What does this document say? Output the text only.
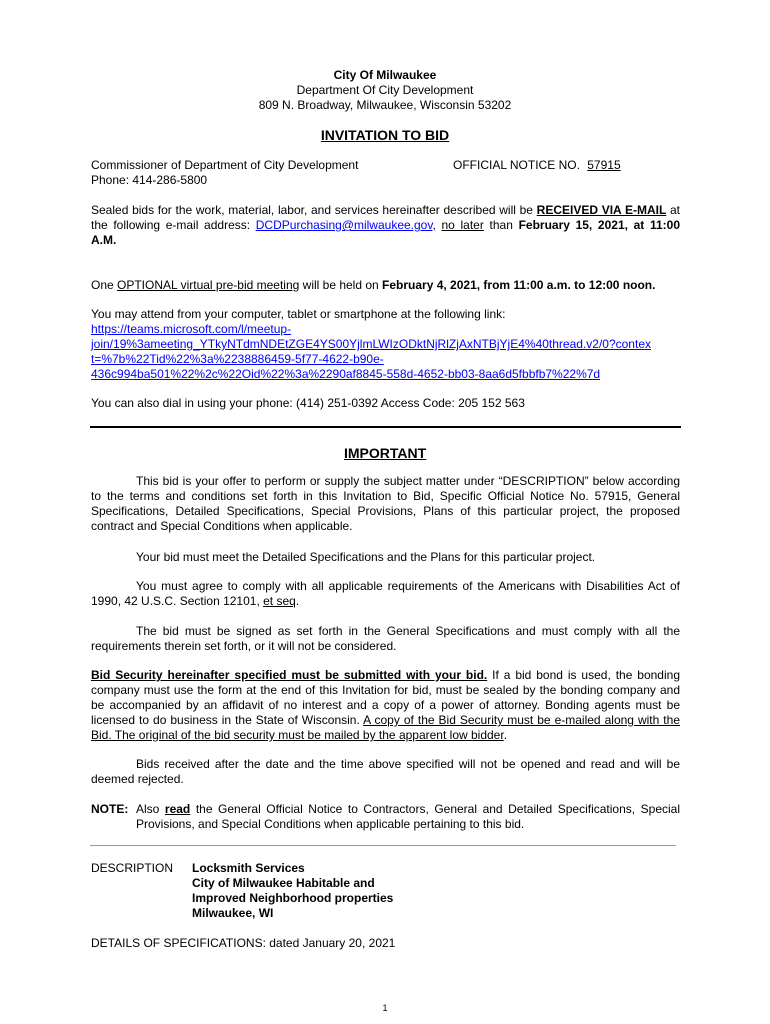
City Of Milwaukee
Department Of City Development
809 N. Broadway, Milwaukee, Wisconsin 53202
INVITATION TO BID
Commissioner of Department of City Development
Phone: 414-286-5800
OFFICIAL NOTICE NO. 57915
Sealed bids for the work, material, labor, and services hereinafter described will be RECEIVED VIA E-MAIL at the following e-mail address: DCDPurchasing@milwaukee.gov, no later than February 15, 2021, at 11:00 A.M.
One OPTIONAL virtual pre-bid meeting will be held on February 4, 2021, from 11:00 a.m. to 12:00 noon.
You may attend from your computer, tablet or smartphone at the following link:
https://teams.microsoft.com/l/meetup-
join/19%3ameeting_YTkyNTdmNDEtZGE4YS00YjlmLWIzODktNjRlZjAxNTBjYjE4%40thread.v2/0?contex
t=%7b%22Tid%22%3a%2238886459-5f77-4622-b90e-
436c994ba501%22%2c%22Oid%22%3a%2290af8845-558d-4652-bb03-8aa6d5fbbfb7%22%7d
You can also dial in using your phone: (414) 251-0392 Access Code: 205 152 563
IMPORTANT
This bid is your offer to perform or supply the subject matter under “DESCRIPTION” below according to the terms and conditions set forth in this Invitation to Bid, Specific Official Notice No. 57915, General Specifications, Detailed Specifications, Special Provisions, Plans of this particular project, the proposed contract and Special Conditions when applicable.
Your bid must meet the Detailed Specifications and the Plans for this particular project.
You must agree to comply with all applicable requirements of the Americans with Disabilities Act of 1990, 42 U.S.C. Section 12101, et seq.
The bid must be signed as set forth in the General Specifications and must comply with all the requirements therein set forth, or it will not be considered.
Bid Security hereinafter specified must be submitted with your bid. If a bid bond is used, the bonding company must use the form at the end of this Invitation for bid, must be sealed by the bonding company and be accompanied by an affidavit of no interest and a copy of a power of attorney. Bonding agents must be licensed to do business in the State of Wisconsin. A copy of the Bid Security must be e-mailed along with the Bid. The original of the bid security must be mailed by the apparent low bidder.
Bids received after the date and the time above specified will not be opened and read and will be deemed rejected.
NOTE: Also read the General Official Notice to Contractors, General and Detailed Specifications, Special Provisions, and Special Conditions when applicable pertaining to this bid.
DESCRIPTION Locksmith Services
City of Milwaukee Habitable and
Improved Neighborhood properties
Milwaukee, WI
DETAILS OF SPECIFICATIONS: dated January 20, 2021
1
